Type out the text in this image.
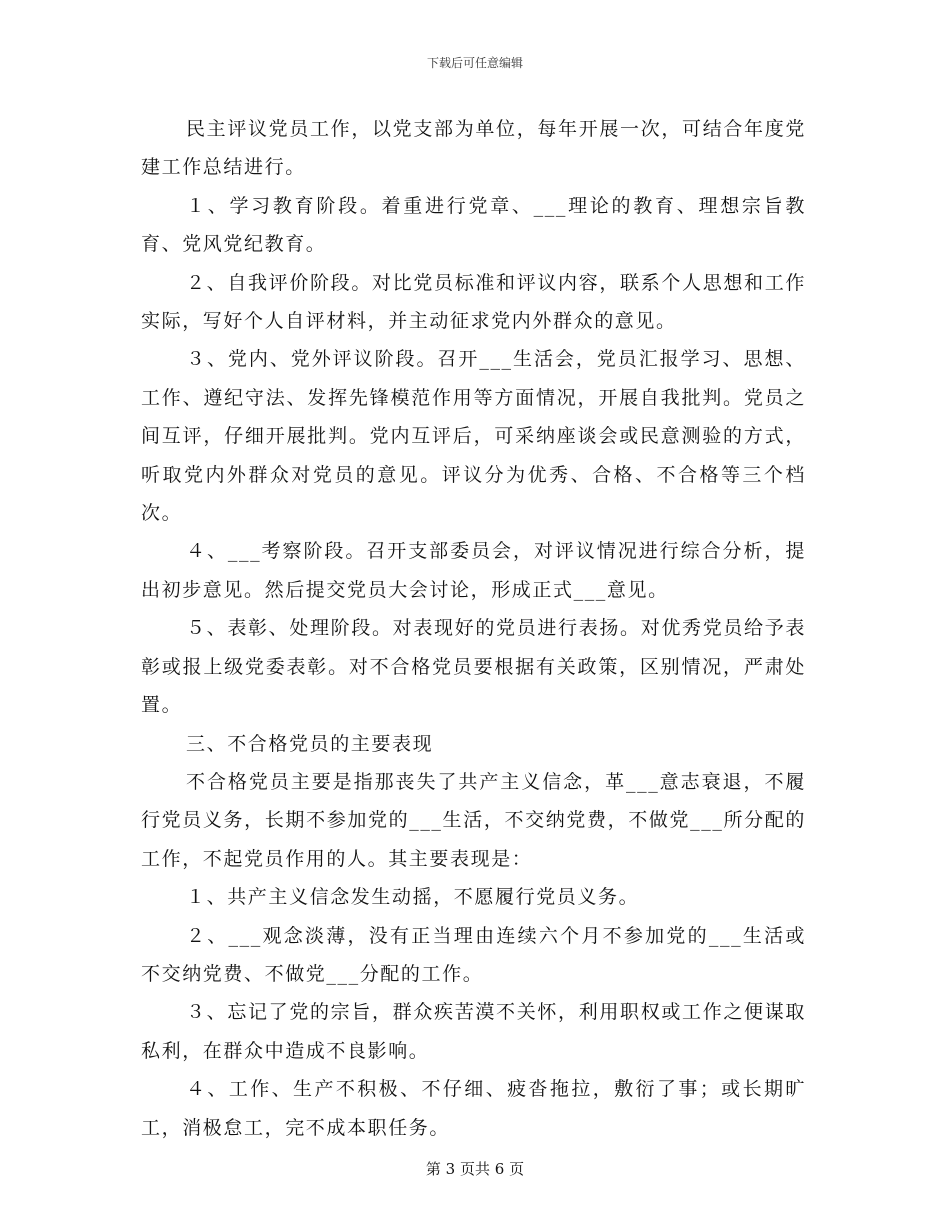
下载后可任意编辑

民主评议党员工作，以党支部为单位，每年开展一次，可结合年度党建工作总结进行。

１、学习教育阶段。着重进行党章、___理论的教育、理想宗旨教育、党风党纪教育。

２、自我评价阶段。对比党员标准和评议内容，联系个人思想和工作实际，写好个人自评材料，并主动征求党内外群众的意见。

３、党内、党外评议阶段。召开___生活会，党员汇报学习、思想、工作、遵纪守法、发挥先锋模范作用等方面情况，开展自我批判。党员之间互评，仔细开展批判。党内互评后，可采纳座谈会或民意测验的方式，听取党内外群众对党员的意见。评议分为优秀、合格、不合格等三个档次。

４、___考察阶段。召开支部委员会，对评议情况进行综合分析，提出初步意见。然后提交党员大会讨论，形成正式___意见。

５、表彰、处理阶段。对表现好的党员进行表扬。对优秀党员给予表彰或报上级党委表彰。对不合格党员要根据有关政策，区别情况，严肃处置。

三、不合格党员的主要表现

不合格党员主要是指那丧失了共产主义信念，革___意志衰退，不履行党员义务，长期不参加党的___生活，不交纳党费，不做党___所分配的工作，不起党员作用的人。其主要表现是：

１、共产主义信念发生动摇，不愿履行党员义务。

２、___观念淡薄，没有正当理由连续六个月不参加党的___生活或不交纳党费、不做党___分配的工作。

３、忘记了党的宗旨，群众疾苦漠不关怀，利用职权或工作之便谋取私利，在群众中造成不良影响。

４、工作、生产不积极、不仔细、疲沓拖拉，敷衍了事；或长期旷工，消极怠工，完不成本职任务。

第 3 页共 6 页
